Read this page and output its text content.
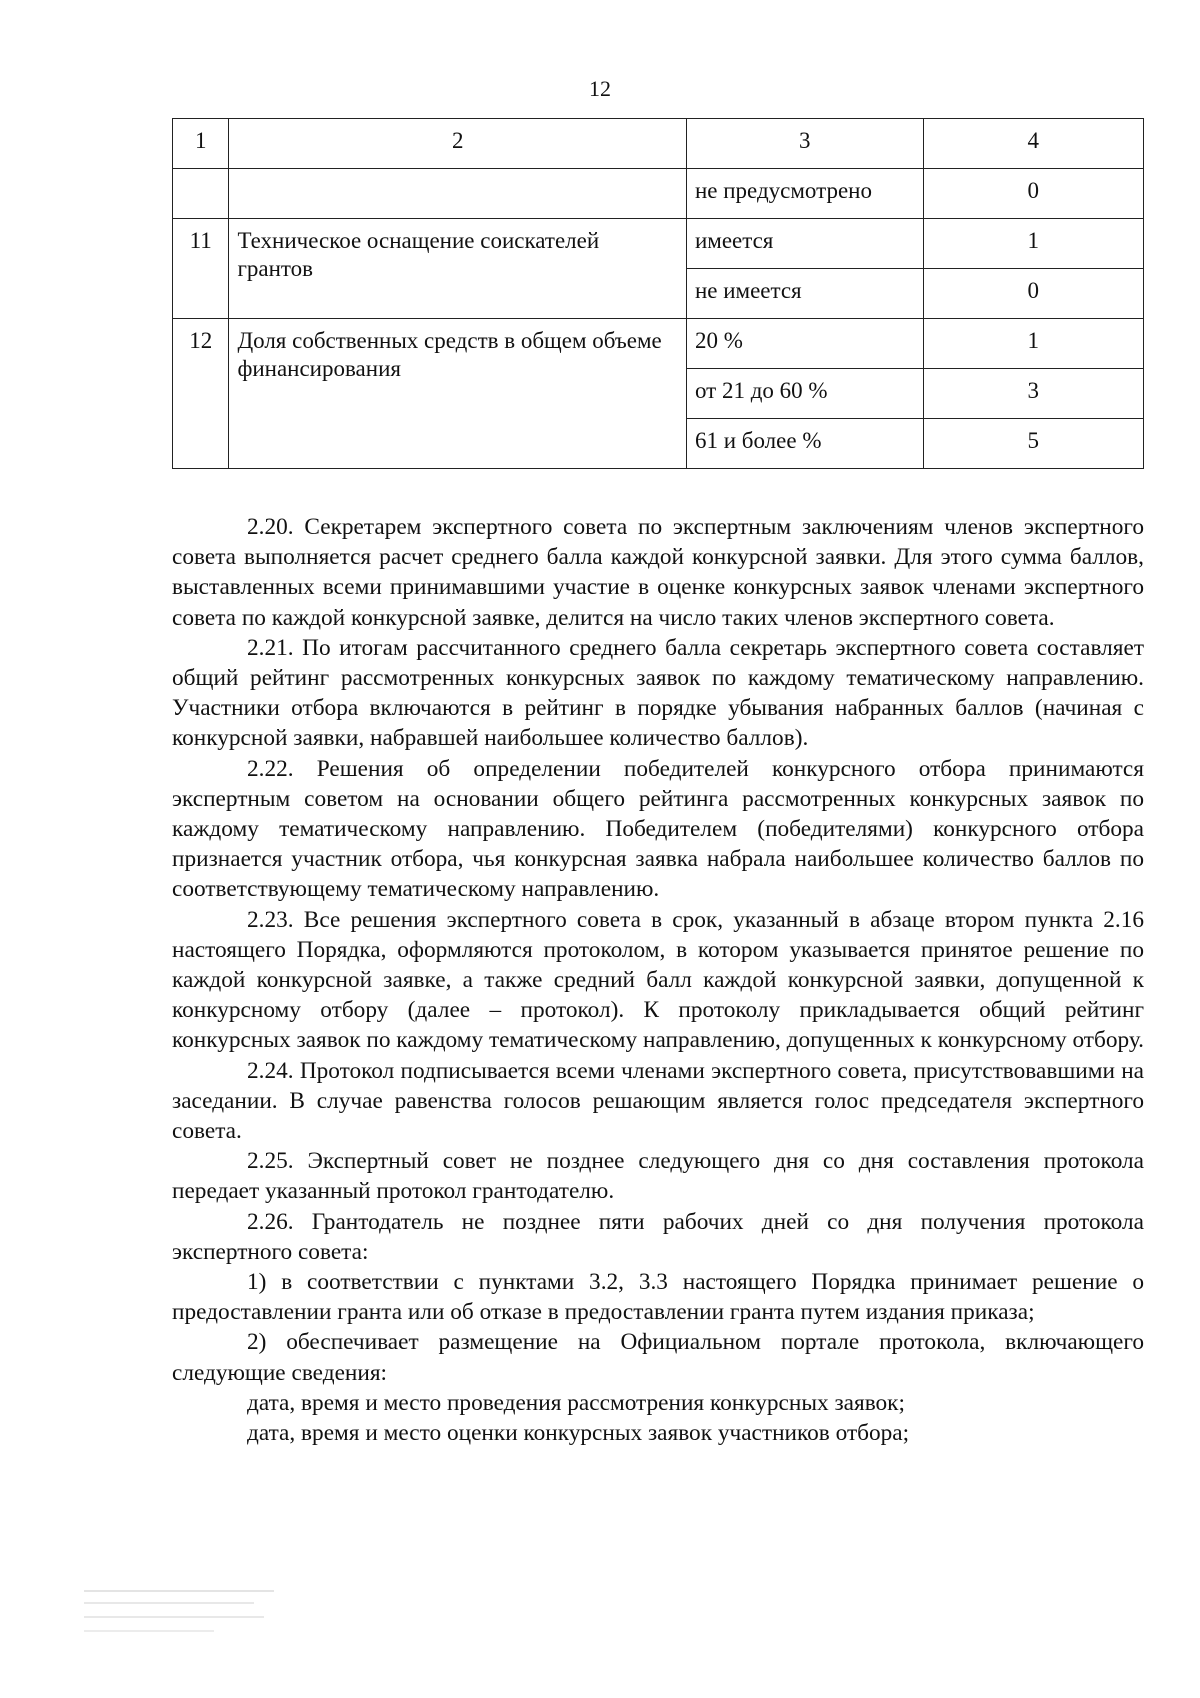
12
1	2	3	4
		не предусмотрено	0
11	Техническое оснащение соискателей грантов	имеется	1
		не имеется	0
12	Доля собственных средств в общем объеме финансирования	20 %	1
		от 21 до 60 %	3
		61 и более %	5

2.20. Секретарем экспертного совета по экспертным заключениям членов экспертного совета выполняется расчет среднего балла каждой конкурсной заявки. Для этого сумма баллов, выставленных всеми принимавшими участие в оценке конкурсных заявок членами экспертного совета по каждой конкурсной заявке, делится на число таких членов экспертного совета.

2.21. По итогам рассчитанного среднего балла секретарь экспертного совета составляет общий рейтинг рассмотренных конкурсных заявок по каждому тематическому направлению. Участники отбора включаются в рейтинг в порядке убывания набранных баллов (начиная с конкурсной заявки, набравшей наибольшее количество баллов).

2.22. Решения об определении победителей конкурсного отбора принимаются экспертным советом на основании общего рейтинга рассмотренных конкурсных заявок по каждому тематическому направлению. Победителем (победителями) конкурсного отбора признается участник отбора, чья конкурсная заявка набрала наибольшее количество баллов по соответствующему тематическому направлению.

2.23. Все решения экспертного совета в срок, указанный в абзаце втором пункта 2.16 настоящего Порядка, оформляются протоколом, в котором указывается принятое решение по каждой конкурсной заявке, а также средний балл каждой конкурсной заявки, допущенной к конкурсному отбору (далее – протокол). К протоколу прикладывается общий рейтинг конкурсных заявок по каждому тематическому направлению, допущенных к конкурсному отбору.

2.24. Протокол подписывается всеми членами экспертного совета, присутствовавшими на заседании. В случае равенства голосов решающим является голос председателя экспертного совета.

2.25. Экспертный совет не позднее следующего дня со дня составления протокола передает указанный протокол грантодателю.

2.26. Грантодатель не позднее пяти рабочих дней со дня получения протокола экспертного совета:

1) в соответствии с пунктами 3.2, 3.3 настоящего Порядка принимает решение о предоставлении гранта или об отказе в предоставлении гранта путем издания приказа;

2) обеспечивает размещение на Официальном портале протокола, включающего следующие сведения:

дата, время и место проведения рассмотрения конкурсных заявок;

дата, время и место оценки конкурсных заявок участников отбора;
